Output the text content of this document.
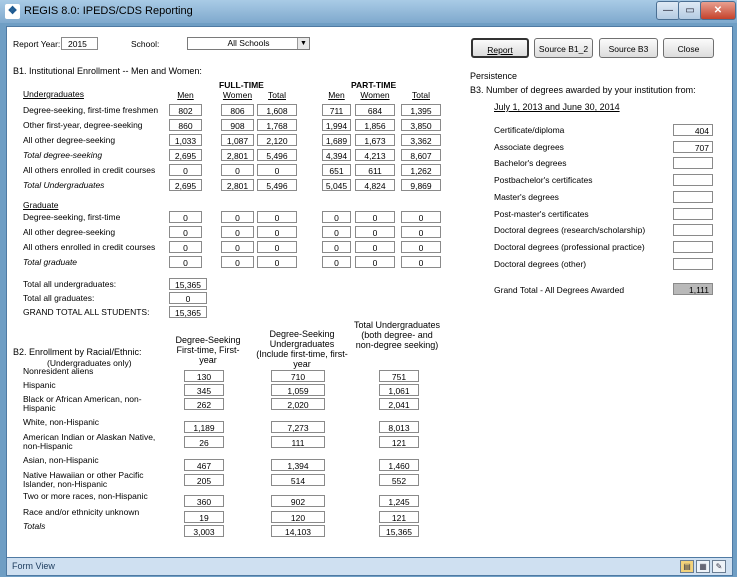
❖ REGIS 8.0: IPEDS/CDS Reporting	—	▭	✕
Report Year: 2015	School:	All Schools	▼
Report	Source B1_2	Source B3	Close
B1. Institutional Enrollment -- Men and Women:
FULL-TIME	PART-TIME
Men	Women	Total	Men	Women	Total
Undergraduates
Degree-seeking, first-time freshmen	802	806	1,608	711	684	1,395
Other first-year, degree-seeking	860	908	1,768	1,994	1,856	3,850
All other degree-seeking	1,033	1,087	2,120	1,689	1,673	3,362
Total degree-seeking	2,695	2,801	5,496	4,394	4,213	8,607
All others enrolled in credit courses	0	0	0	651	611	1,262
Total Undergraduates	2,695	2,801	5,496	5,045	4,824	9,869
Graduate
Degree-seeking, first-time	0	0	0	0	0	0
All other degree-seeking	0	0	0	0	0	0
All others enrolled in credit courses	0	0	0	0	0	0
Total graduate	0	0	0	0	0	0
Total all undergraduates:	15,365
Total all graduates:	0
GRAND TOTAL ALL STUDENTS:	15,365
B2. Enrollment by Racial/Ethnic:
(Undergraduates only)
Degree-Seeking First-time, First-year
Degree-Seeking Undergraduates (Include first-time, first-year
Total Undergraduates (both degree- and non-degree seeking)
Nonresident aliens
130	710	751
Hispanic
345	1,059	1,061
Black or African American, non-Hispanic	262	2,020	2,041
White, non-Hispanic
1,189	7,273	8,013
American Indian or Alaskan Native, non-Hispanic	26	111	121
Asian, non-Hispanic
467	1,394	1,460
Native Hawaiian or other Pacific Islander, non-Hispanic	205	514	552
Two or more races, non-Hispanic
360	902	1,245
Race and/or ethnicity unknown
19	120	121
Totals
3,003	14,103	15,365
Persistence
B3. Number of degrees awarded by your institution from:
July 1, 2013 and June 30, 2014
Certificate/diploma	404
Associate degrees	707
Bachelor's degrees
Postbachelor's certificates
Master's degrees
Post-master's certificates
Doctoral degrees (research/scholarship)
Doctoral degrees (professional practice)
Doctoral degrees (other)
Grand Total - All Degrees Awarded	1,111
Form View	▤	▦	✎
